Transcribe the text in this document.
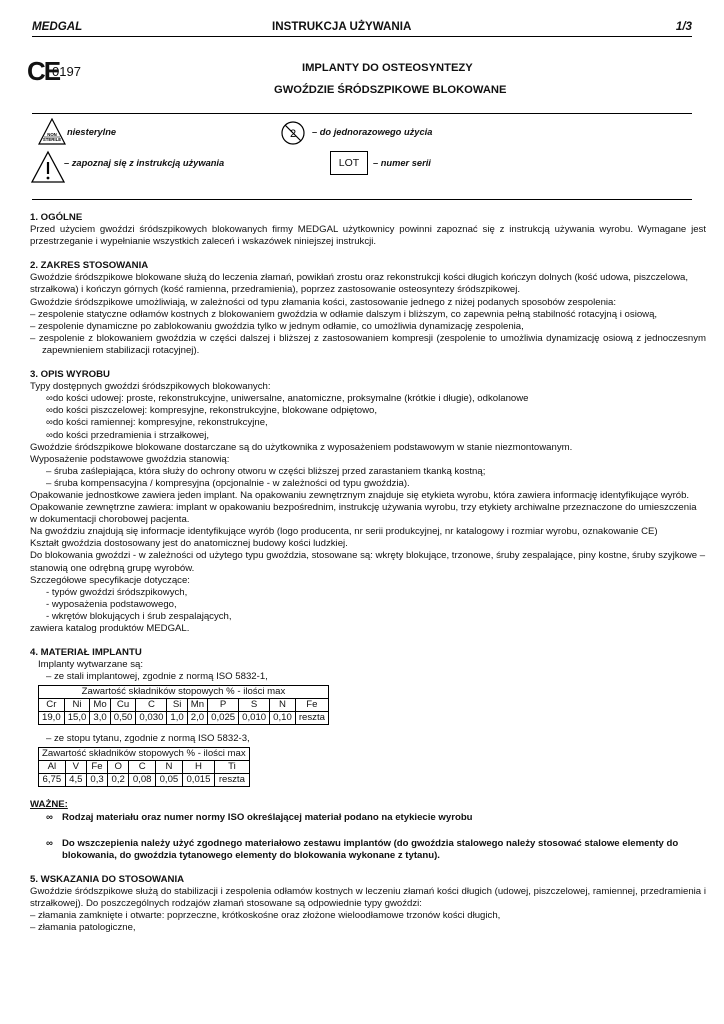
MEDGAL	INSTRUKCJA UŻYWANIA	1/3
CE
0197	IMPLANTY DO OSTEOSYNTEZY
GWOŹDZIE ŚRÓDSZPIKOWE BLOKOWANE
NON
STERILE
niesterylne	2 – do jednorazowego użycia
– zapoznaj się z instrukcją używania	LOT	– numer serii
1. OGÓLNE
Przed użyciem gwoździ śródszpikowych blokowanych firmy MEDGAL użytkownicy powinni zapoznać się z instrukcją używania wyrobu. Wymagane jest przestrzeganie i wypełnianie wszystkich zaleceń i wskazówek niniejszej instrukcji.
2. ZAKRES STOSOWANIA
Gwoździe śródszpikowe blokowane służą do leczenia złamań, powikłań zrostu oraz rekonstrukcji kości długich kończyn dolnych (kość udowa, piszczelowa, strzałkowa) i kończyn górnych (kość ramienna, przedramienia), poprzez zastosowanie osteosyntezy śródszpikowej.
Gwoździe śródszpikowe umożliwiają, w zależności od typu złamania kości, zastosowanie jednego z niżej podanych sposobów zespolenia:
– zespolenie statyczne odłamów kostnych z blokowaniem gwoździa w odłamie dalszym i bliższym, co zapewnia pełną stabilność rotacyjną i osiową,
– zespolenie dynamiczne po zablokowaniu gwoździa tylko w jednym odłamie, co umożliwia dynamizację zespolenia,
– zespolenie z blokowaniem gwoździa w części dalszej i bliższej z zastosowaniem kompresji (zespolenie to umożliwia dynamizację osiową z jednoczesnym zapewnieniem stabilizacji rotacyjnej).
3. OPIS WYROBU
Typy dostępnych gwoździ śródszpikowych blokowanych:
∞do kości udowej: proste, rekonstrukcyjne, uniwersalne, anatomiczne, proksymalne (krótkie i długie), odkolanowe
∞do kości piszczelowej: kompresyjne, rekonstrukcyjne, blokowane odpiętowo,
∞do kości ramiennej: kompresyjne, rekonstrukcyjne,
∞do kości przedramienia i strzałkowej,
Gwoździe śródszpikowe blokowane dostarczane są do użytkownika z wyposażeniem podstawowym w stanie niezmontowanym.
Wyposażenie podstawowe gwoździa stanowią:
– śruba zaślepiająca, która służy do ochrony otworu w części bliższej przed zarastaniem tkanką kostną;
– śruba kompensacyjna / kompresyjna (opcjonalnie - w zależności od typu gwoździa).
Opakowanie jednostkowe zawiera jeden implant. Na opakowaniu zewnętrznym znajduje się etykieta wyrobu, która zawiera informację identyfikujące wyrób.
Opakowanie zewnętrzne zawiera: implant w opakowaniu bezpośrednim, instrukcję używania wyrobu, trzy etykiety archiwalne przeznaczone do umieszczenia w dokumentacji chorobowej pacjenta.
Na gwoździu znajdują się informacje identyfikujące wyrób (logo producenta, nr serii produkcyjnej, nr katalogowy i rozmiar wyrobu, oznakowanie CE)
Kształt gwoździa dostosowany jest do anatomicznej budowy kości ludzkiej.
Do blokowania gwoździ - w zależności od użytego typu gwoździa, stosowane są: wkręty blokujące, trzonowe, śruby zespalające, piny kostne, śruby szyjkowe – stanowią one odrębną grupę wyrobów.
Szczegółowe specyfikacje dotyczące:
- typów gwoździ śródszpikowych,
- wyposażenia podstawowego,
- wkrętów blokujących i śrub zespalających,
zawiera katalog produktów MEDGAL.
4. MATERIAŁ IMPLANTU
Implanty wytwarzane są:
– ze stali implantowej, zgodnie z normą ISO 5832-1,
Zawartość składników stopowych % - ilości max										
Cr	Ni	Mo	Cu	C	Si	Mn	P	S	N	Fe
19,0	15,0	3,0	0,50	0,030	1,0	2,0	0,025	0,010	0,10	reszta
– ze stopu tytanu, zgodnie z normą ISO 5832-3,
Zawartość składników stopowych % - ilości max							
Al	V	Fe	O	C	N	H	Ti
6,75	4,5	0,3	0,2	0,08	0,05	0,015	reszta
WAŻNE:
∞ Rodzaj materiału oraz numer normy ISO określającej materiał podano na etykiecie wyrobu
∞ Do wszczepienia należy użyć zgodnego materiałowo zestawu implantów (do gwoździa stalowego należy stosować stalowe elementy do blokowania, do gwoździa tytanowego elementy do blokowania wykonane z tytanu).
5. WSKAZANIA DO STOSOWANIA
Gwoździe śródszpikowe służą do stabilizacji i zespolenia odłamów kostnych w leczeniu złamań kości długich (udowej, piszczelowej, ramiennej, przedramienia i strzałkowej). Do poszczególnych rodzajów złamań stosowane są odpowiednie typy gwoździ:
– złamania zamknięte i otwarte: poprzeczne, krótkoskośne oraz złożone wieloodłamowe trzonów kości długich,
– złamania patologiczne,
